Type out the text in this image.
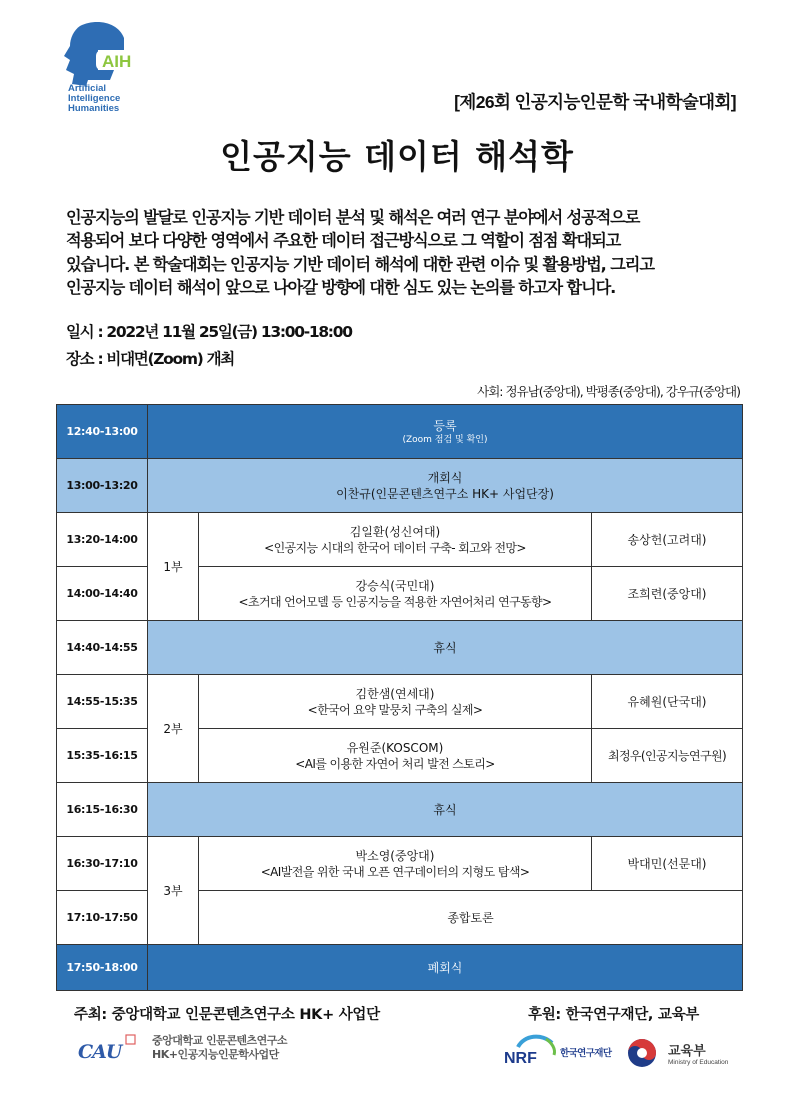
AIH
Artificial
Intelligence
Humanities	[제26회 인공지능인문학 국내학술대회]
인공지능 데이터 해석학
인공지능의 발달로 인공지능 기반 데이터 분석 및 해석은 여러 연구 분야에서 성공적으로
적용되어 보다 다양한 영역에서 주요한 데이터 접근방식으로 그 역할이 점점 확대되고
있습니다. 본 학술대회는 인공지능 기반 데이터 해석에 대한 관련 이슈 및 활용방법, 그리고
인공지능 데이터 해석이 앞으로 나아갈 방향에 대한 심도 있는 논의를 하고자 합니다.
일시 : 2022년 11월 25일(금) 13:00-18:00
장소 : 비대면(Zoom) 개최
사회: 정유남(중앙대), 박평종(중앙대), 강우규(중앙대)
12:40-13:00	등록
(Zoom 점검 및 확인)		

13:00-13:20	개회식
이찬규(인문콘텐츠연구소 HK+ 사업단장)		

13:20-14:00	1부	김일환(성신여대)
<인공지능 시대의 한국어 데이터 구축- 회고와 전망>	송상헌(고려대)
14:00-14:40		강승식(국민대)
<초거대 언어모델 등 인공지능을 적용한 자연어처리 연구동향>	조희련(중앙대)
14:40-14:55	휴식		
14:55-15:35	2부	김한샘(연세대)
<한국어 요약 말뭉치 구축의 실제>	유혜원(단국대)
15:35-16:15		유원준(KOSCOM)
<AI를 이용한 자연어 처리 발전 스토리>	최정우(인공지능연구원)
16:15-16:30	휴식		
16:30-17:10	3부	박소영(중앙대)
<AI발전을 위한 국내 오픈 연구데이터의 지형도 탐색>	박대민(선문대)
17:10-17:50		종합토론	
17:50-18:00	폐회식		
주최: 중앙대학교 인문콘텐츠연구소 HK+ 사업단	후원: 한국연구재단, 교육부
CAU
중앙대학교 인문콘텐츠연구소
HK+인공지능인문학사업단	NRF 한국연구재단	교육부
Ministry of Education
